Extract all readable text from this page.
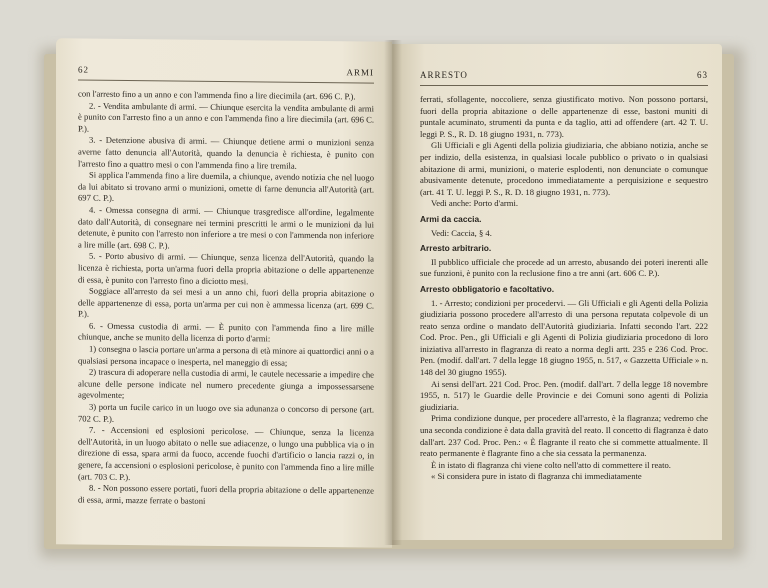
62	ARMI

con l'arresto fino a un anno e con l'ammenda fino a lire diecimila (art. 696 C. P.).

2. - Vendita ambulante di armi. — Chiunque esercita la vendita ambulante di armi è punito con l'arresto fino a un anno e con l'ammenda fino a lire diecimila (art. 696 C. P.).

3. - Detenzione abusiva di armi. — Chiunque detiene armi o munizioni senza averne fatto denuncia all'Autorità, quando la denuncia è richiesta, è punito con l'arresto fino a quattro mesi o con l'ammenda fino a lire tremila.

Si applica l'ammenda fino a lire duemila, a chiunque, avendo notizia che nel luogo da lui abitato si trovano armi o munizioni, omette di farne denuncia all'Autorità (art. 697 C. P.).

4. - Omessa consegna di armi. — Chiunque trasgredisce all'ordine, legalmente dato dall'Autorità, di consegnare nei termini prescritti le armi o le munizioni da lui detenute, è punito con l'arresto non inferiore a tre mesi o con l'ammenda non inferiore a lire mille (art. 698 C. P.).

5. - Porto abusivo di armi. — Chiunque, senza licenza dell'Autorità, quando la licenza è richiesta, porta un'arma fuori della propria abitazione o delle appartenenze di essa, è punito con l'arresto fino a diciotto mesi.

Soggiace all'arresto da sei mesi a un anno chi, fuori della propria abitazione o delle appartenenze di essa, porta un'arma per cui non è ammessa licenza (art. 699 C. P.).

6. - Omessa custodia di armi. — È punito con l'ammenda fino a lire mille chiunque, anche se munito della licenza di porto d'armi:

1) consegna o lascia portare un'arma a persona di età minore ai quattordici anni o a qualsiasi persona incapace o inesperta, nel maneggio di essa;

2) trascura di adoperare nella custodia di armi, le cautele necessarie a impedire che alcune delle persone indicate nel numero precedente giunga a impossessarsene agevolmente;

3) porta un fucile carico in un luogo ove sia adunanza o concorso di persone (art. 702 C. P.).

7. - Accensioni ed esplosioni pericolose. — Chiunque, senza la licenza dell'Autorità, in un luogo abitato o nelle sue adiacenze, o lungo una pubblica via o in direzione di essa, spara armi da fuoco, accende fuochi d'artificio o lancia razzi o, in genere, fa accensioni o esplosioni pericolose, è punito con l'ammenda fino a lire mille (art. 703 C. P.).

8. - Non possono essere portati, fuori della propria abitazione o delle appartenenze di essa, armi, mazze ferrate o bastoni

ARRESTO	63

ferrati, sfollagente, noccoliere, senza giustificato motivo. Non possono portarsi, fuori della propria abitazione o delle appartenenze di esse, bastoni muniti di puntale acuminato, strumenti da punta e da taglio, atti ad offendere (art. 42 T. U. leggi P. S., R. D. 18 giugno 1931, n. 773).

Gli Ufficiali e gli Agenti della polizia giudiziaria, che abbiano notizia, anche se per indizio, della esistenza, in qualsiasi locale pubblico o privato o in qualsiasi abitazione di armi, munizioni, o materie esplodenti, non denunciate o comunque abusivamente detenute, procedono immediatamente a perquisizione e sequestro (art. 41 T. U. leggi P. S., R. D. 18 giugno 1931, n. 773).

Vedi anche: Porto d'armi.

Armi da caccia.

Vedi: Caccia, § 4.

Arresto arbitrario.

Il pubblico ufficiale che procede ad un arresto, abusando dei poteri inerenti alle sue funzioni, è punito con la reclusione fino a tre anni (art. 606 C. P.).

Arresto obbligatorio e facoltativo.

1. - Arresto; condizioni per procedervi. — Gli Ufficiali e gli Agenti della Polizia giudiziaria possono procedere all'arresto di una persona reputata colpevole di un reato senza ordine o mandato dell'Autorità giudiziaria. Infatti secondo l'art. 222 Cod. Proc. Pen., gli Ufficiali e gli Agenti di Polizia giudiziaria procedono di loro iniziativa all'arresto in flagranza di reato a norma degli artt. 235 e 236 Cod. Proc. Pen. (modif. dall'art. 7 della legge 18 giugno 1955, n. 517, « Gazzetta Ufficiale » n. 148 del 30 giugno 1955).

Ai sensi dell'art. 221 Cod. Proc. Pen. (modif. dall'art. 7 della legge 18 novembre 1955, n. 517) le Guardie delle Provincie e dei Comuni sono agenti di Polizia giudiziaria.

Prima condizione dunque, per procedere all'arresto, è la flagranza; vedremo che una seconda condizione è data dalla gravità del reato. Il concetto di flagranza è dato dall'art. 237 Cod. Proc. Pen.: « È flagrante il reato che si commette attualmente. Il reato permanente è flagrante fino a che sia cessata la permanenza.

È in istato di flagranza chi viene colto nell'atto di commettere il reato.

« Si considera pure in istato di flagranza chi immediatamente
